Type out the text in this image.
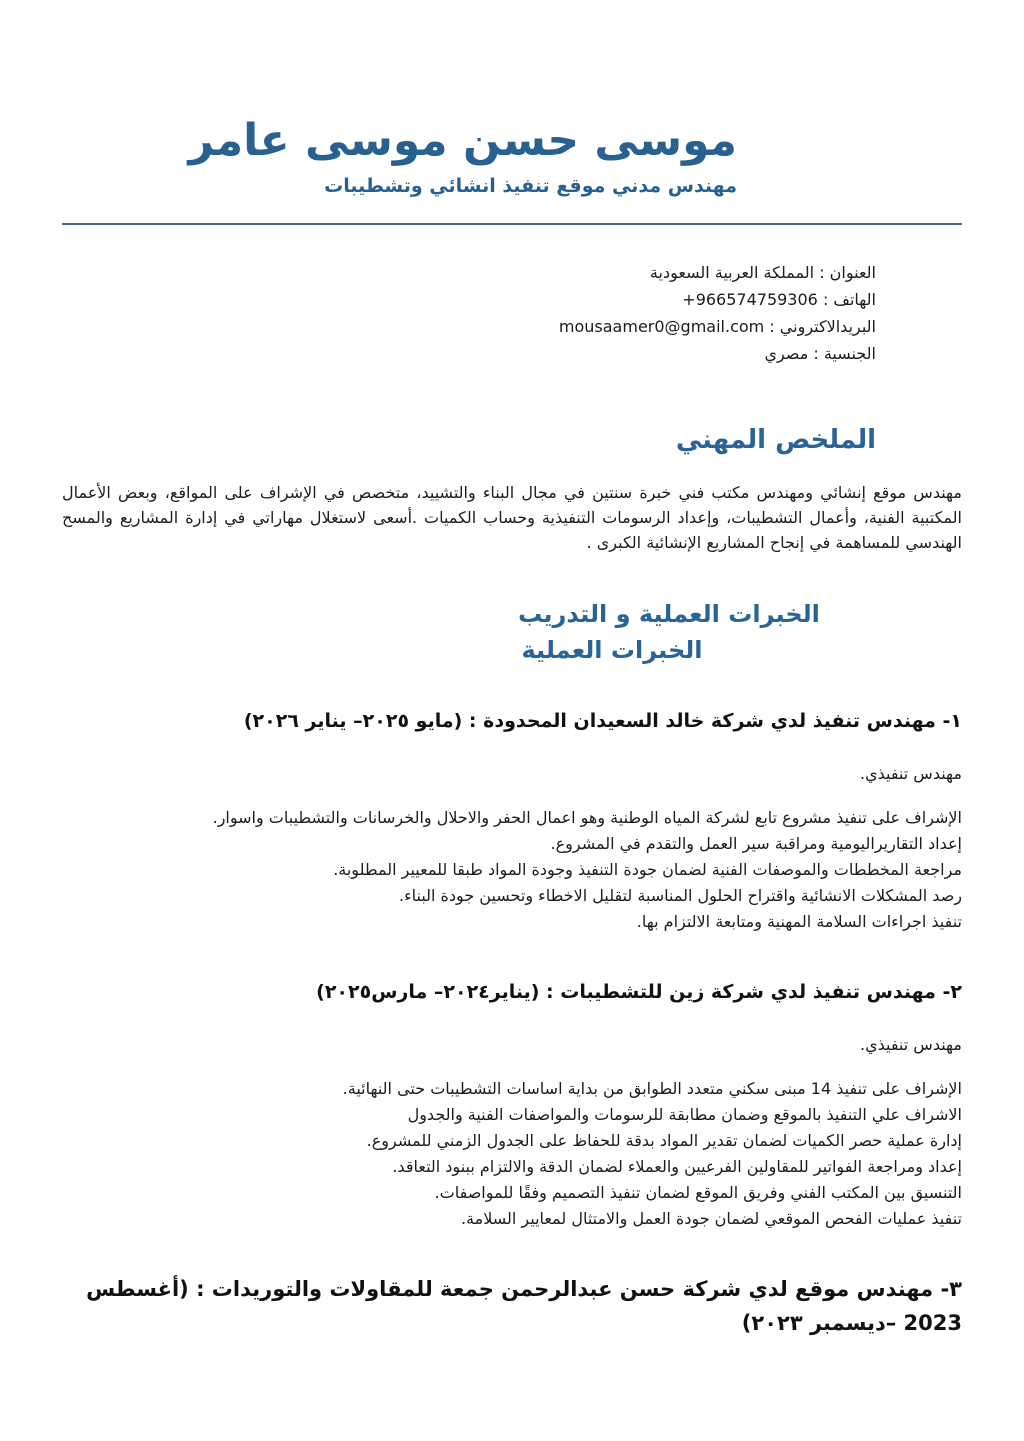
موسى حسن موسى عامر
مهندس مدني موقع تنفيذ انشائي وتشطيبات
العنوان : المملكة العربية السعودية
الهاتف : +966574759306
البريدالاكتروني : mousaamer0@gmail.com
الجنسية : مصري
الملخص المهني

مهندس موقع إنشائي ومهندس مكتب فني خبرة سنتين في مجال البناء والتشييد، متخصص في الإشراف على المواقع، وبعض الأعمال المكتبية الفنية، وأعمال التشطيبات، وإعداد الرسومات التنفيذية وحساب الكميات .أسعى لاستغلال مهاراتي في إدارة المشاريع والمسح الهندسي للمساهمة في إنجاح المشاريع الإنشائية الكبرى .

الخبرات العملية و التدريب
الخبرات العملية
١- مهندس تنفيذ لدي شركة خالد السعيدان المحدودة : (مايو ٢٠٢٥– يناير ٢٠٢٦)
مهندس تنفيذي.
الإشراف على تنفيذ مشروع تابع لشركة المياه الوطنية وهو اعمال الحفر والاحلال والخرسانات والتشطيبات واسوار.
إعداد التقاريراليومية ومراقبة سير العمل والتقدم في المشروع.
مراجعة المخططات والموصفات الفنية لضمان جودة التنفيذ وجودة المواد طبقا للمعيير المطلوبة.
رصد المشكلات الانشائية واقتراح الحلول المناسبة لتقليل الاخطاء وتحسين جودة البناء.
تنفيذ اجراءات السلامة المهنية ومتابعة الالتزام بها.
٢- مهندس تنفيذ لدي شركة زين للتشطيبات : (يناير٢٠٢٤– مارس٢٠٢٥)
مهندس تنفيذي.
الإشراف على تنفيذ 14 مبنى سكني متعدد الطوابق من بداية اساسات التشطيبات حتى النهائية.
الاشراف علي التنفيذ بالموقع وضمان مطابقة للرسومات والمواصفات الفنية والجدول
إدارة عملية حصر الكميات لضمان تقدير المواد بدقة للحفاظ على الجدول الزمني للمشروع.
إعداد ومراجعة الفواتير للمقاولين الفرعيين والعملاء لضمان الدقة والالتزام ببنود التعاقد.
التنسيق بين المكتب الفني وفريق الموقع لضمان تنفيذ التصميم وفقًا للمواصفات.
تنفيذ عمليات الفحص الموقعي لضمان جودة العمل والامتثال لمعايير السلامة.
٣- مهندس موقع لدي شركة حسن عبدالرحمن جمعة للمقاولات والتوريدات : (أغسطس 2023 –ديسمبر ٢٠٢٣)
